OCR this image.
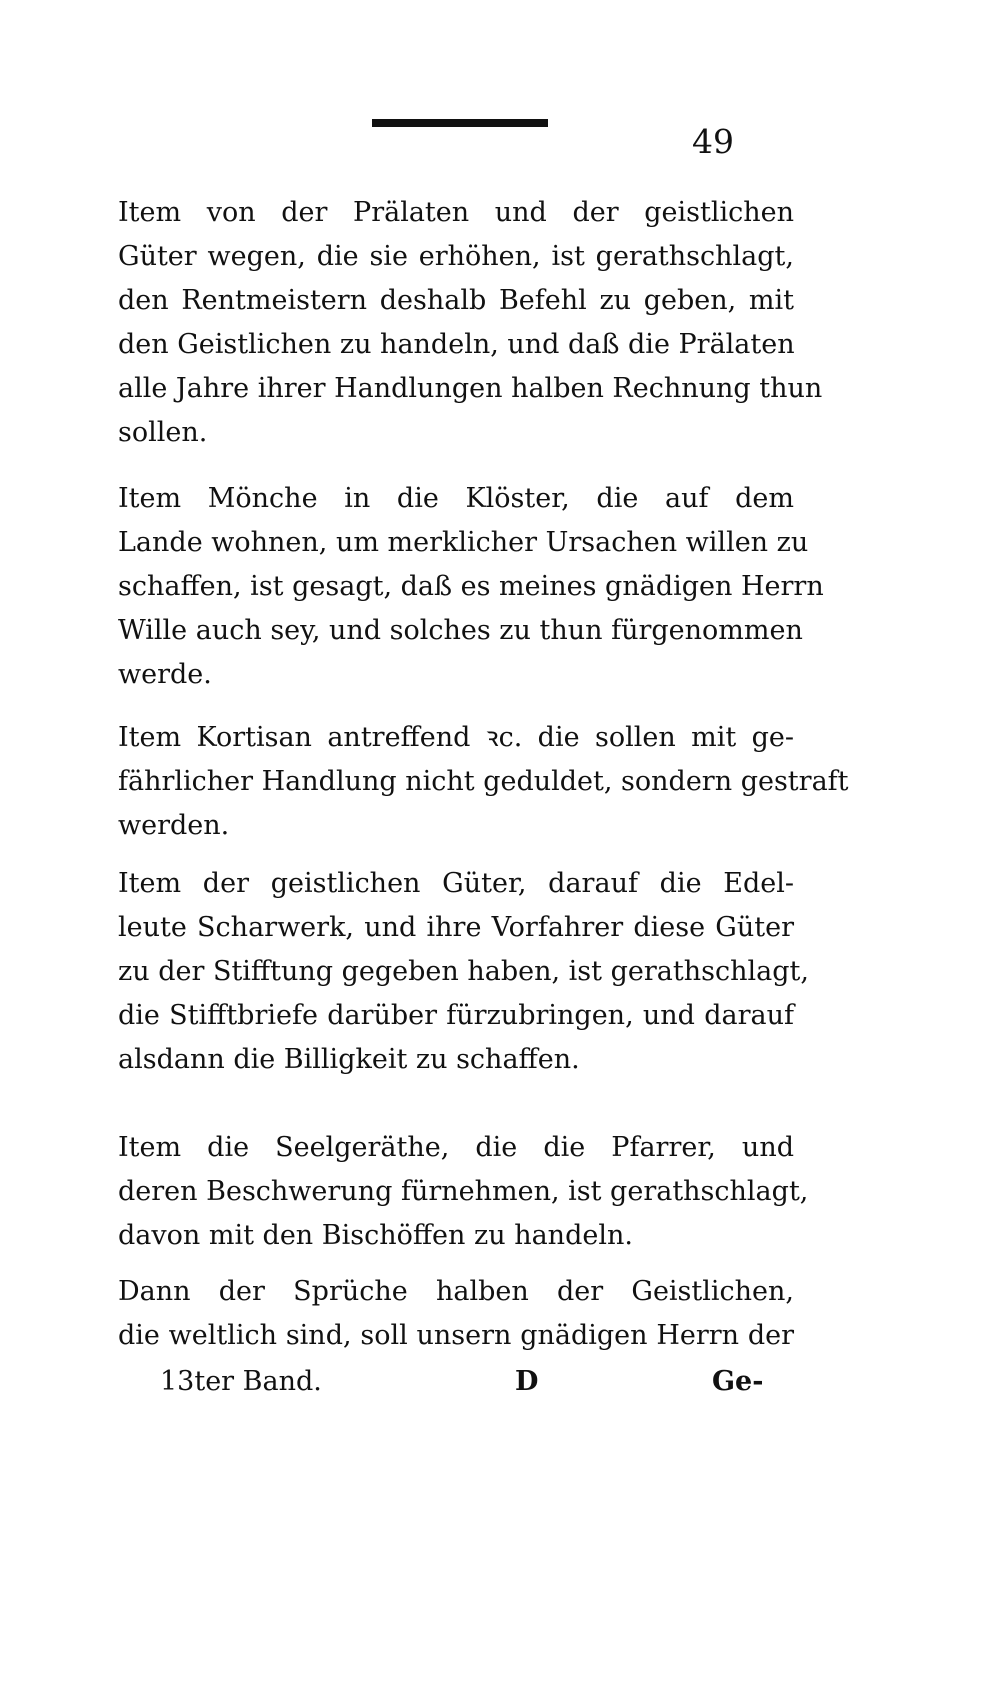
49
Item von der Prälaten und der geistlichen
Güter wegen, die sie erhöhen, ist gerathschlagt,
den Rentmeistern deshalb Befehl zu geben, mit
den Geistlichen zu handeln, und daß die Prälaten
alle Jahre ihrer Handlungen halben Rechnung thun
sollen.
Item Mönche in die Klöster, die auf dem
Lande wohnen, um merklicher Ursachen willen zu
schaffen, ist gesagt, daß es meines gnädigen Herrn
Wille auch sey, und solches zu thun fürgenommen
werde.
Item Kortisan antreffend ꝛc. die sollen mit ge-
fährlicher Handlung nicht geduldet, sondern gestraft
werden.
Item der geistlichen Güter, darauf die Edel-
leute Scharwerk, und ihre Vorfahrer diese Güter
zu der Stifftung gegeben haben, ist gerathschlagt,
die Stifftbriefe darüber fürzubringen, und darauf
alsdann die Billigkeit zu schaffen.
Item die Seelgeräthe, die die Pfarrer, und
deren Beschwerung fürnehmen, ist gerathschlagt,
davon mit den Bischöffen zu handeln.
Dann der Sprüche halben der Geistlichen,
die weltlich sind, soll unsern gnädigen Herrn der
13ter Band.	D	Ge-
